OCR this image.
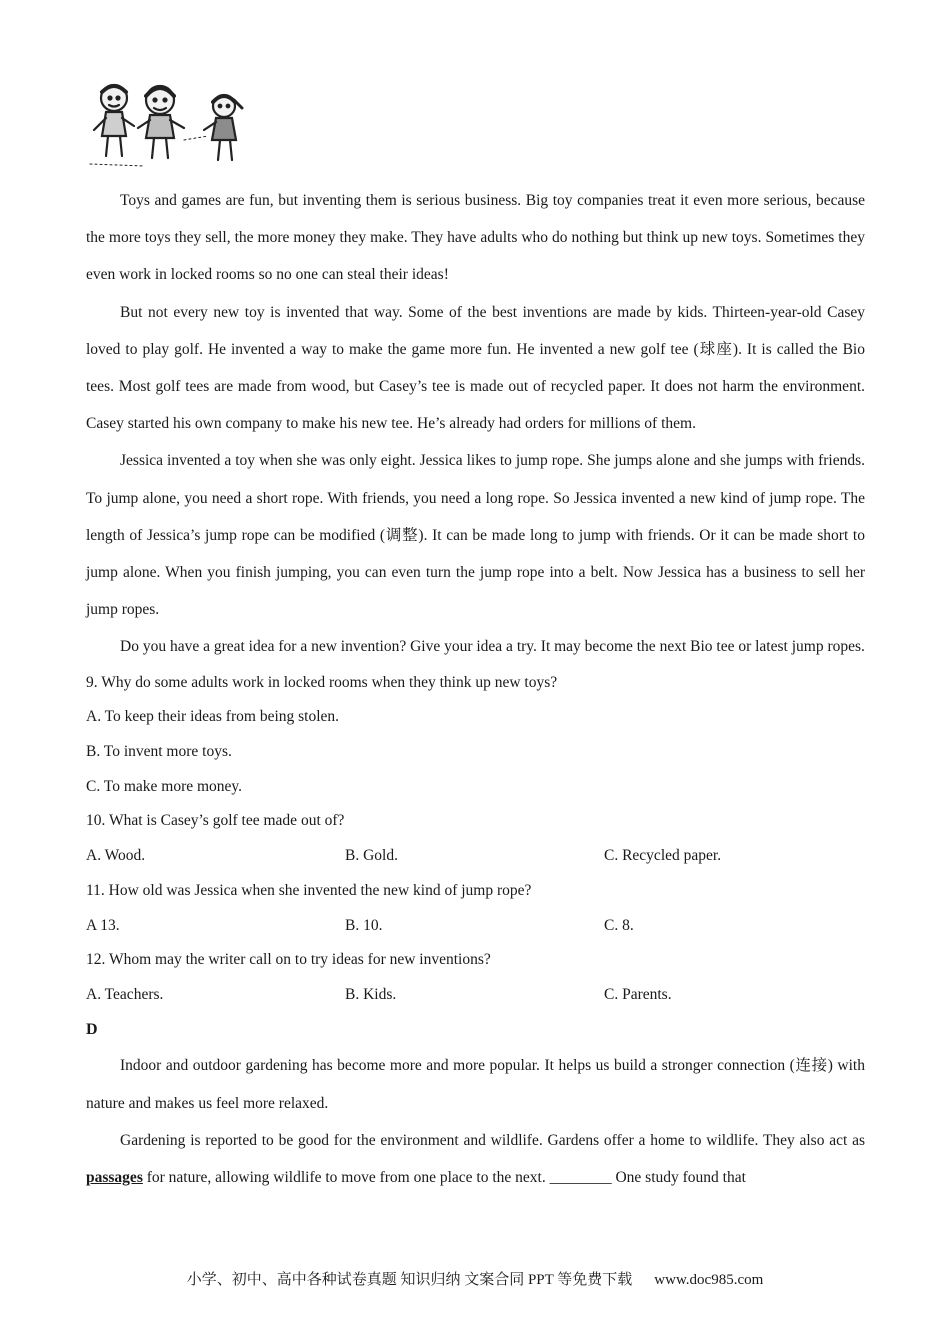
Toys and games are fun, but inventing them is serious business. Big toy companies treat it even more serious, because the more toys they sell, the more money they make. They have adults who do nothing but think up new toys. Sometimes they even work in locked rooms so no one can steal their ideas!

But not every new toy is invented that way. Some of the best inventions are made by kids. Thirteen-year-old Casey loved to play golf. He invented a way to make the game more fun. He invented a new golf tee (球座). It is called the Bio tees. Most golf tees are made from wood, but Casey’s tee is made out of recycled paper. It does not harm the environment. Casey started his own company to make his new tee. He’s already had orders for millions of them.

Jessica invented a toy when she was only eight. Jessica likes to jump rope. She jumps alone and she jumps with friends. To jump alone, you need a short rope. With friends, you need a long rope. So Jessica invented a new kind of jump rope. The length of Jessica’s jump rope can be modified (调整). It can be made long to jump with friends. Or it can be made short to jump alone. When you finish jumping, you can even turn the jump rope into a belt. Now Jessica has a business to sell her jump ropes.

Do you have a great idea for a new invention? Give your idea a try. It may become the next Bio tee or latest jump ropes.

9. Why do some adults work in locked rooms when they think up new toys?

A. To keep their ideas from being stolen.

B. To invent more toys.

C. To make more money.

10. What is Casey’s golf tee made out of?

A. Wood.	B. Gold.	C. Recycled paper.

11. How old was Jessica when she invented the new kind of jump rope?

A 13.	B. 10.	C. 8.

12. Whom may the writer call on to try ideas for new inventions?

A. Teachers.	B. Kids.	C. Parents.

D

Indoor and outdoor gardening has become more and more popular. It helps us build a stronger connection (连接) with nature and makes us feel more relaxed.

Gardening is reported to be good for the environment and wildlife. Gardens offer a home to wildlife. They also act as passages for nature, allowing wildlife to move from one place to the next. ________ One study found that

小学、初中、高中各种试卷真题 知识归纳 文案合同 PPT 等免费下载 www.doc985.com
